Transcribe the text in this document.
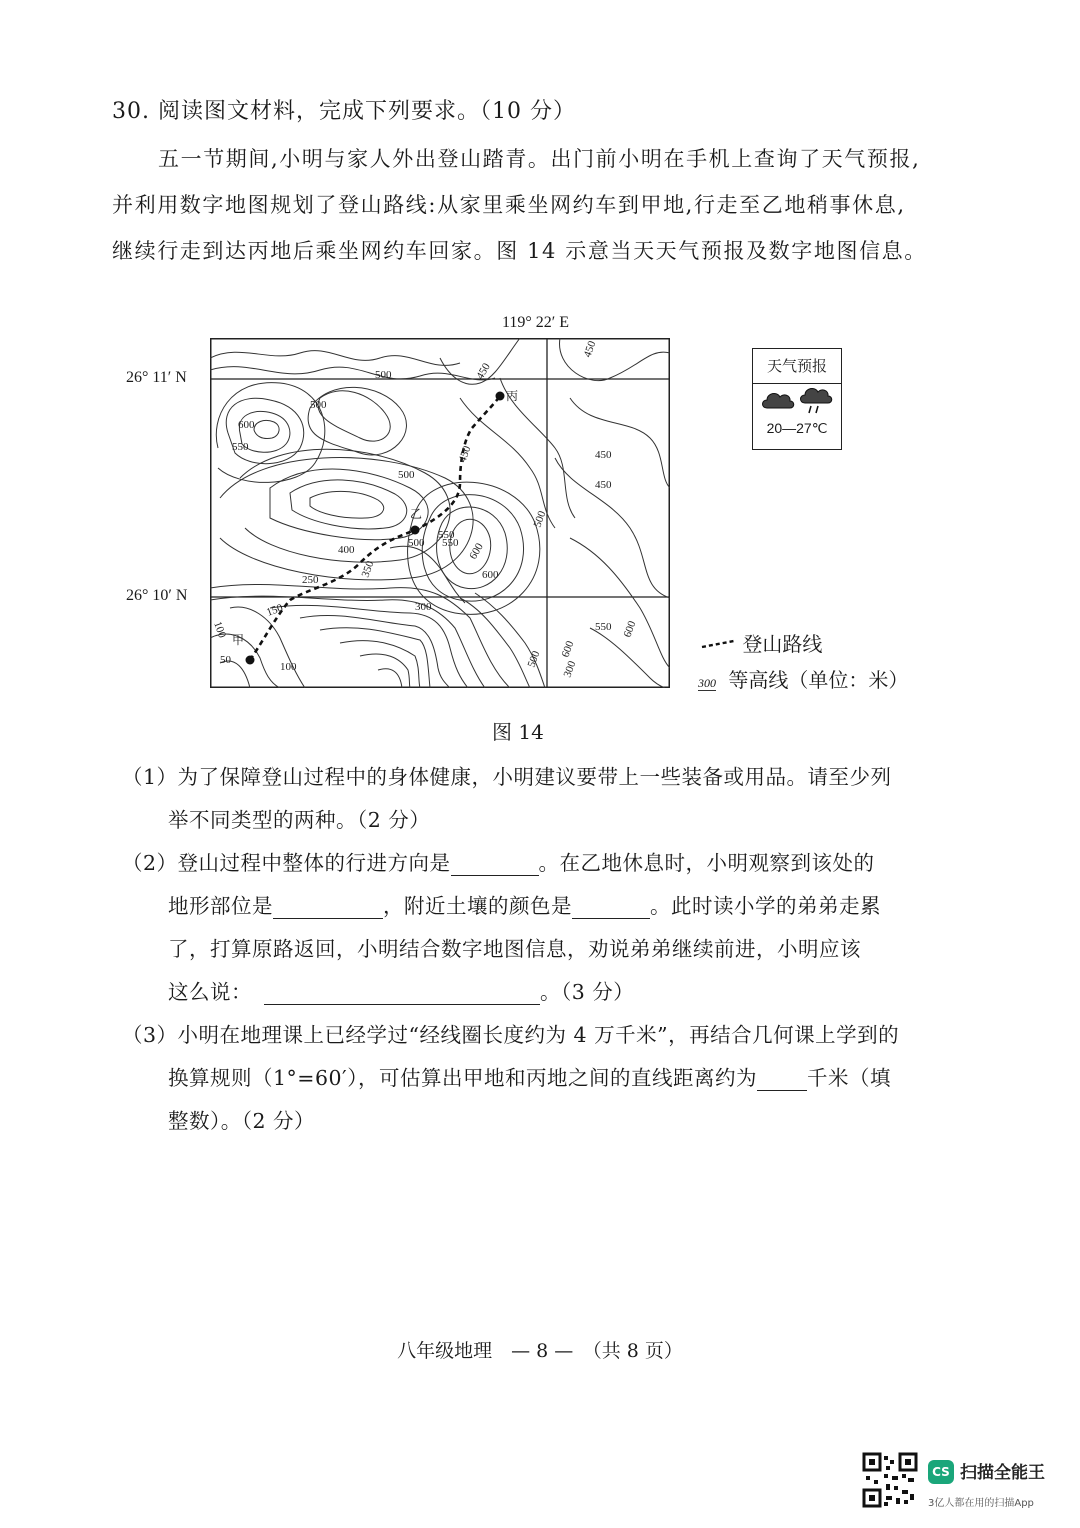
30. 阅读图文材料，完成下列要求。（10 分）

五一节期间,小明与家人外出登山踏青。出门前小明在手机上查询了天气预报,

并利用数字地图规划了登山路线:从家里乘坐网约车到甲地,行走至乙地稍事休息,

继续行走到达丙地后乘坐网约车回家。图 14 示意当天天气预报及数字地图信息。

119° 22′ E
26° 11′ N
26° 10′ N
甲
乙
丙
450
450
500
600
550
500
500
450
550
400
500 550 600
600
450
450
500
350
250
300
150
100
50
100
550 600
600
500
300
天气预报
20—27℃
登山路线
300 等高线（单位：米）
图 14
（1）为了保障登山过程中的身体健康，小明建议要带上一些装备或用品。请至少列
举不同类型的两种。（2 分）
（2）登山过程中整体的行进方向是	。在乙地休息时，小明观察到该处的
地形部位是	，附近土壤的颜色是	。此时读小学的弟弟走累
了，打算原路返回，小明结合数字地图信息，劝说弟弟继续前进，小明应该
这么说：	。（3 分）
（3）小明在地理课上已经学过“经线圈长度约为 4 万千米”，再结合几何课上学到的
换算规则（1°=60′），可估算出甲地和丙地之间的直线距离约为 千米（填
整数）。（2 分）
八年级地理　— 8 —　（共 8 页）
CS 扫描全能王
3亿人都在用的扫描App
